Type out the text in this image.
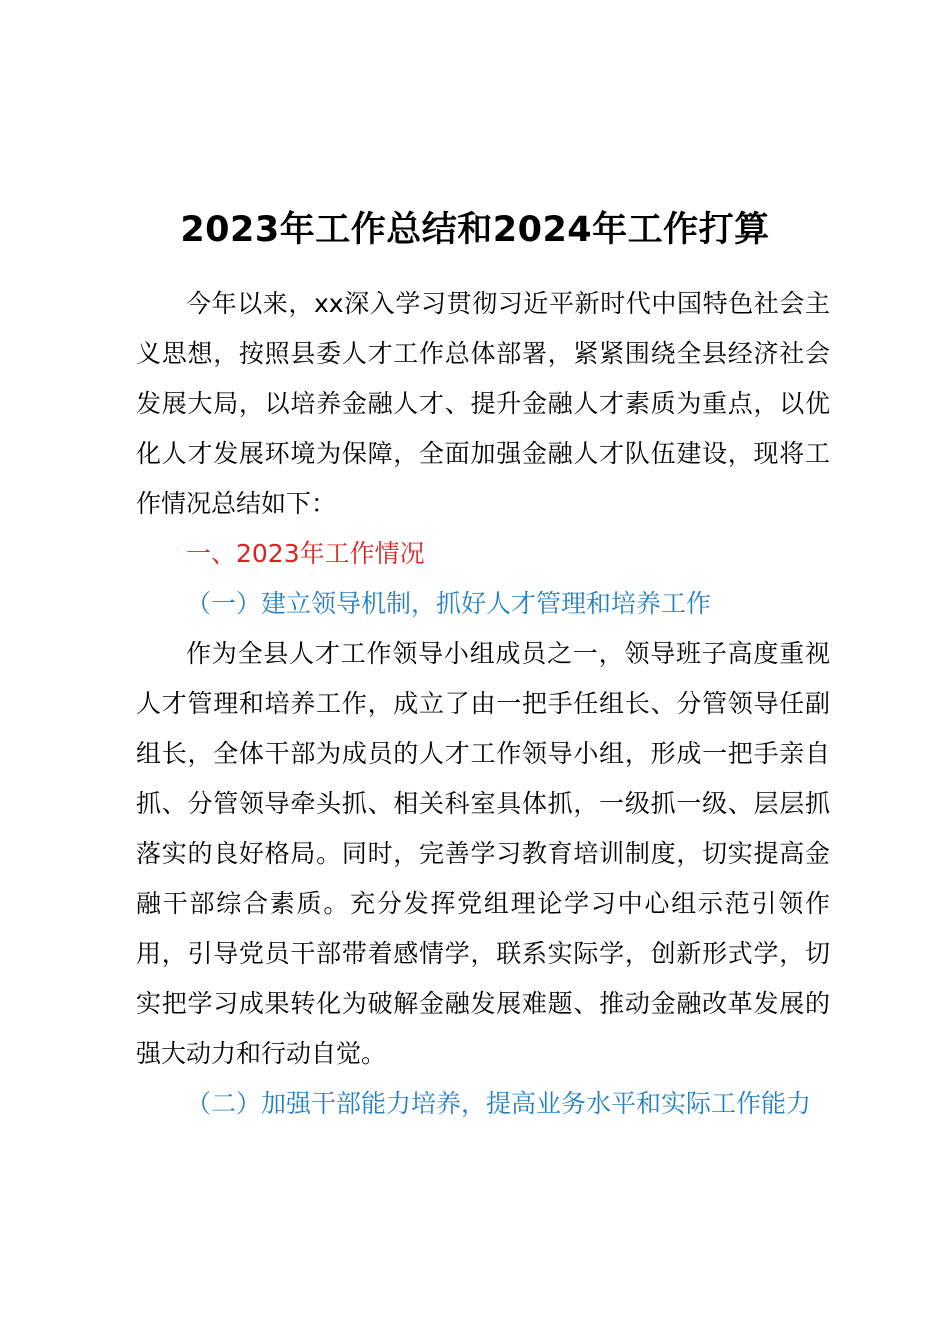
2023年工作总结和2024年工作打算

今年以来，xx深入学习贯彻习近平新时代中国特色社会主义思想，按照县委人才工作总体部署，紧紧围绕全县经济社会发展大局，以培养金融人才、提升金融人才素质为重点，以优化人才发展环境为保障，全面加强金融人才队伍建设，现将工作情况总结如下：

一、2023年工作情况

（一）建立领导机制，抓好人才管理和培养工作

作为全县人才工作领导小组成员之一，领导班子高度重视人才管理和培养工作，成立了由一把手任组长、分管领导任副组长，全体干部为成员的人才工作领导小组，形成一把手亲自抓、分管领导牵头抓、相关科室具体抓，一级抓一级、层层抓落实的良好格局。同时，完善学习教育培训制度，切实提高金融干部综合素质。充分发挥党组理论学习中心组示范引领作用，引导党员干部带着感情学，联系实际学，创新形式学，切实把学习成果转化为破解金融发展难题、推动金融改革发展的强大动力和行动自觉。

（二）加强干部能力培养，提高业务水平和实际工作能力
